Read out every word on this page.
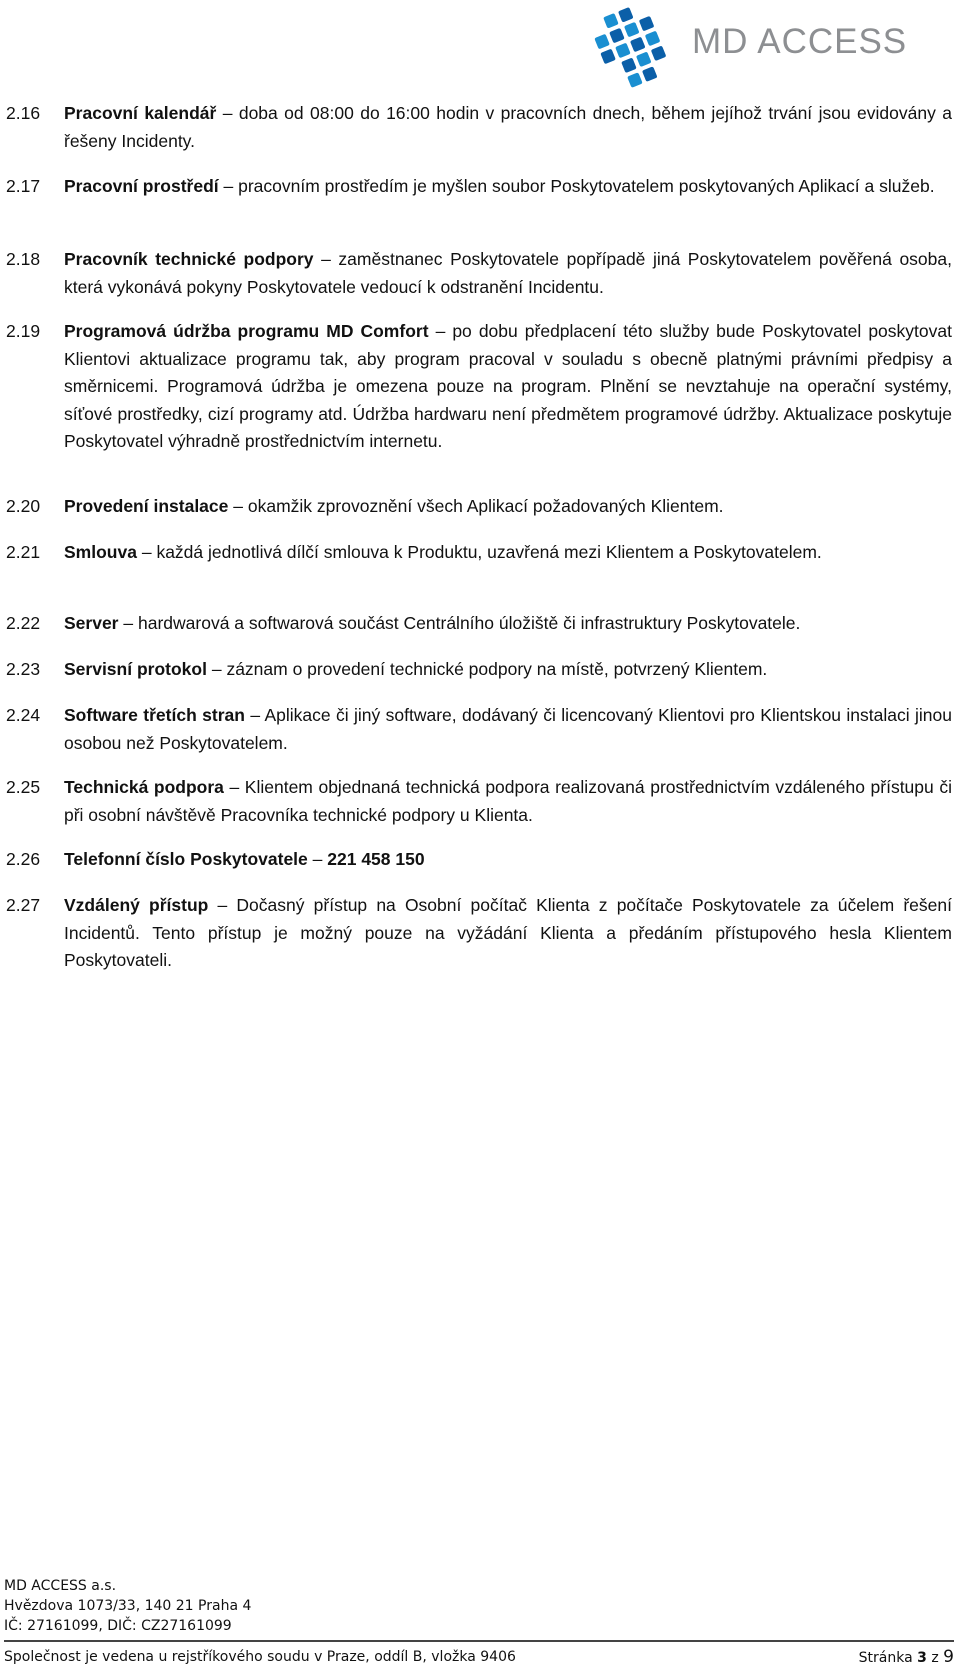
MD ACCESS
2.16	Pracovní kalendář – doba od 08:00 do 16:00 hodin v pracovních dnech, během jejíhož trvání jsou evidovány a řešeny Incidenty.
2.17	Pracovní prostředí – pracovním prostředím je myšlen soubor Poskytovatelem poskytovaných Aplikací a služeb.
2.18	Pracovník technické podpory – zaměstnanec Poskytovatele popřípadě jiná Poskytovatelem pověřená osoba, která vykonává pokyny Poskytovatele vedoucí k odstranění Incidentu.
2.19	Programová údržba programu MD Comfort – po dobu předplacení této služby bude Poskytovatel poskytovat Klientovi aktualizace programu tak, aby program pracoval v souladu s obecně platnými právními předpisy a směrnicemi. Programová údržba je omezena pouze na program. Plnění se nevztahuje na operační systémy, síťové prostředky, cizí programy atd. Údržba hardwaru není předmětem programové údržby. Aktualizace poskytuje Poskytovatel výhradně prostřednictvím internetu.
2.20	Provedení instalace – okamžik zprovoznění všech Aplikací požadovaných Klientem.
2.21	Smlouva – každá jednotlivá dílčí smlouva k Produktu, uzavřená mezi Klientem a Poskytovatelem.
2.22	Server – hardwarová a softwarová součást Centrálního úložiště či infrastruktury Poskytovatele.
2.23	Servisní protokol – záznam o provedení technické podpory na místě, potvrzený Klientem.
2.24	Software třetích stran – Aplikace či jiný software, dodávaný či licencovaný Klientovi pro Klientskou instalaci jinou osobou než Poskytovatelem.
2.25	Technická podpora – Klientem objednaná technická podpora realizovaná prostřednictvím vzdáleného přístupu či při osobní návštěvě Pracovníka technické podpory u Klienta.
2.26	Telefonní číslo Poskytovatele – 221 458 150
2.27	Vzdálený přístup – Dočasný přístup na Osobní počítač Klienta z počítače Poskytovatele za účelem řešení Incidentů. Tento přístup je možný pouze na vyžádání Klienta a předáním přístupového hesla Klientem Poskytovateli.
MD ACCESS a.s.
Hvězdova 1073/33, 140 21 Praha 4
IČ: 27161099, DIČ: CZ27161099
Společnost je vedena u rejstříkového soudu v Praze, oddíl B, vložka 9406	Stránka 3 z 9
